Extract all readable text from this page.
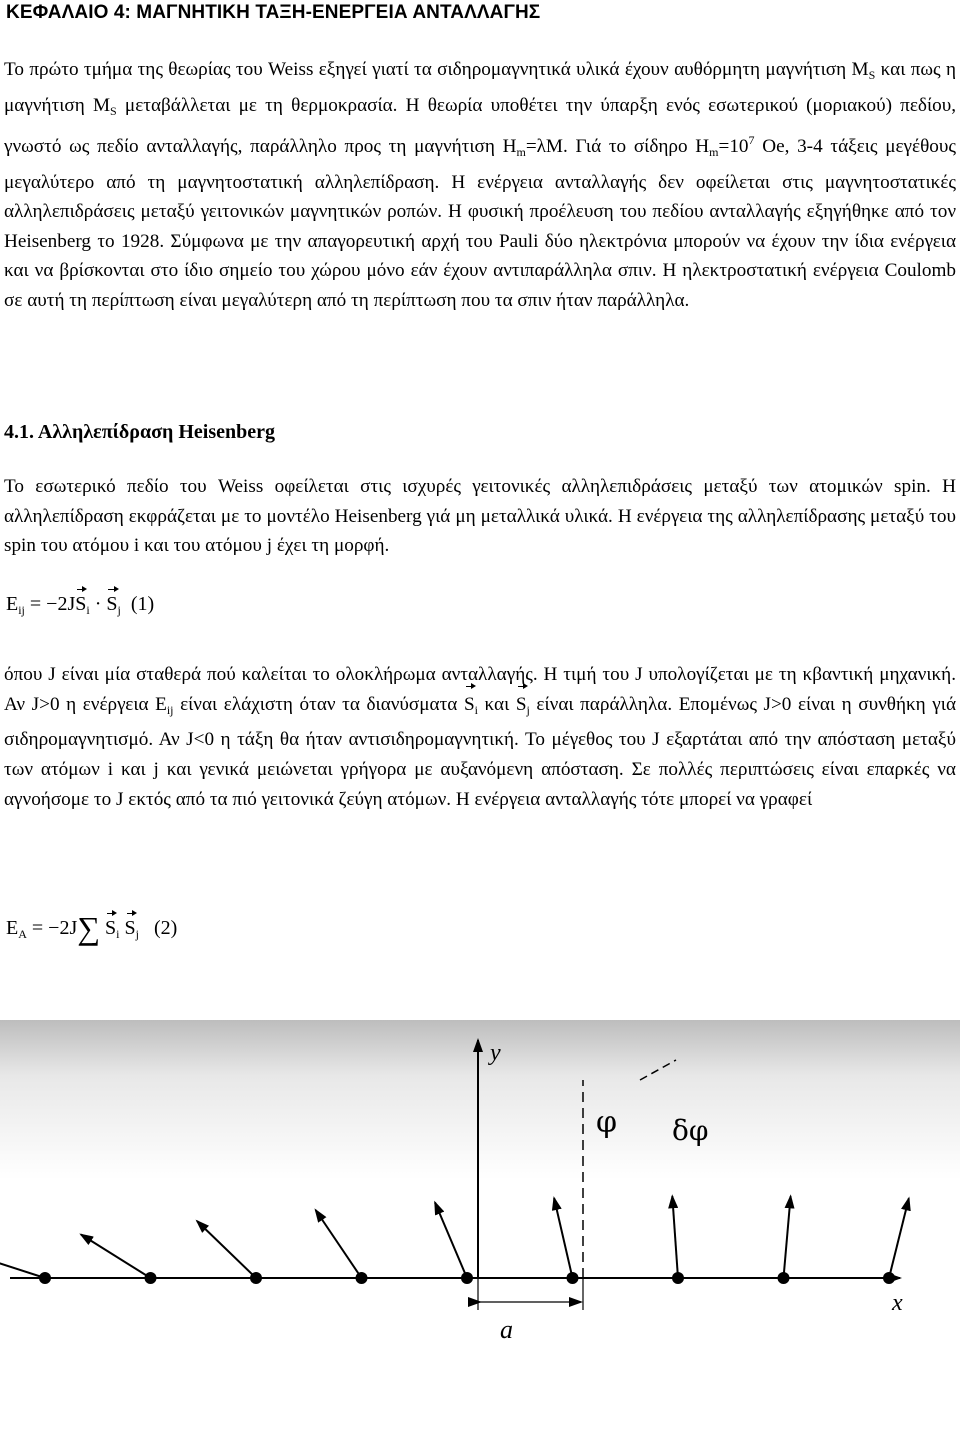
ΚΕΦΑΛΑΙΟ 4: ΜΑΓΝΗΤΙΚΗ ΤΑΞΗ-ΕΝΕΡΓΕΙΑ ΑΝΤΑΛΛΑΓΗΣ

Το πρώτο τμήμα της θεωρίας του Weiss εξηγεί γιατί τα σιδηρομαγνητικά υλικά έχουν αυθόρμητη μαγνήτιση $M_S$ και πως η μαγνήτιση $M_S$ μεταβάλλεται με τη θερμοκρασία. Η θεωρία υποθέτει την ύπαρξη ενός εσωτερικού (μοριακού) πεδίου, γνωστό ως πεδίο ανταλλαγής, παράλληλο προς τη μαγνήτιση $H_m=\lambda M$. Γιά το σίδηρο $H_m=10^7$ Oe, 3-4 τάξεις μεγέθους μεγαλύτερο από τη μαγνητοστατική αλληλεπίδραση. Η ενέργεια ανταλλαγής δεν οφείλεται στις μαγνητοστατικές αλληλεπιδράσεις μεταξύ γειτονικών μαγνητικών ροπών. Η φυσική προέλευση του πεδίου ανταλλαγής εξηγήθηκε από τον Heisenberg το 1928. Σύμφωνα με την απαγορευτική αρχή του Pauli δύο ηλεκτρόνια μπορούν να έχουν την ίδια ενέργεια και να βρίσκονται στο ίδιο σημείο του χώρου μόνο εάν έχουν αντιπαράλληλα σπιν. Η ηλεκτροστατική ενέργεια Coulomb σε αυτή τη περίπτωση είναι μεγαλύτερη από τη περίπτωση που τα σπιν ήταν παράλληλα.

4.1. Αλληλεπίδραση Heisenberg

Το εσωτερικό πεδίο του Weiss οφείλεται στις ισχυρές γειτονικές αλληλεπιδράσεις μεταξύ των ατομικών spin. Η αλληλεπίδραση εκφράζεται με το μοντέλο Heisenberg γιά μη μεταλλικά υλικά. Η ενέργεια της αλληλεπίδρασης μεταξύ του spin του ατόμου i και του ατόμου j έχει τη μορφή.

$E_{ij} = -2JS_i \cdot S_j$ (1)

όπου J είναι μία σταθερά πού καλείται το ολοκλήρωμα ανταλλαγής. Η τιμή του J υπολογίζεται με τη κβαντική μηχανική. Αν J>0 η ενέργεια $E_{ij}$ είναι ελάχιστη όταν τα διανύσματα $S_i$ και $S_j$ είναι παράλληλα. Επομένως J>0 είναι η συνθήκη γιά σιδηρομαγνητισμό. Αν J<0 η τάξη θα ήταν αντισιδηρομαγνητική. Το μέγεθος του J εξαρτάται από την απόσταση μεταξύ των ατόμων i και j και γενικά μειώνεται γρήγορα με αυξανόμενη απόσταση. Σε πολλές περιπτώσεις είναι επαρκές να αγνοήσομε το J εκτός από τα πιό γειτονικά ζεύγη ατόμων. Η ενέργεια ανταλλαγής τότε μπορεί να γραφεί

$E_A = -2J\sum$ $S_i$ $S_j$ (2)

x
y
φ δφ
a
